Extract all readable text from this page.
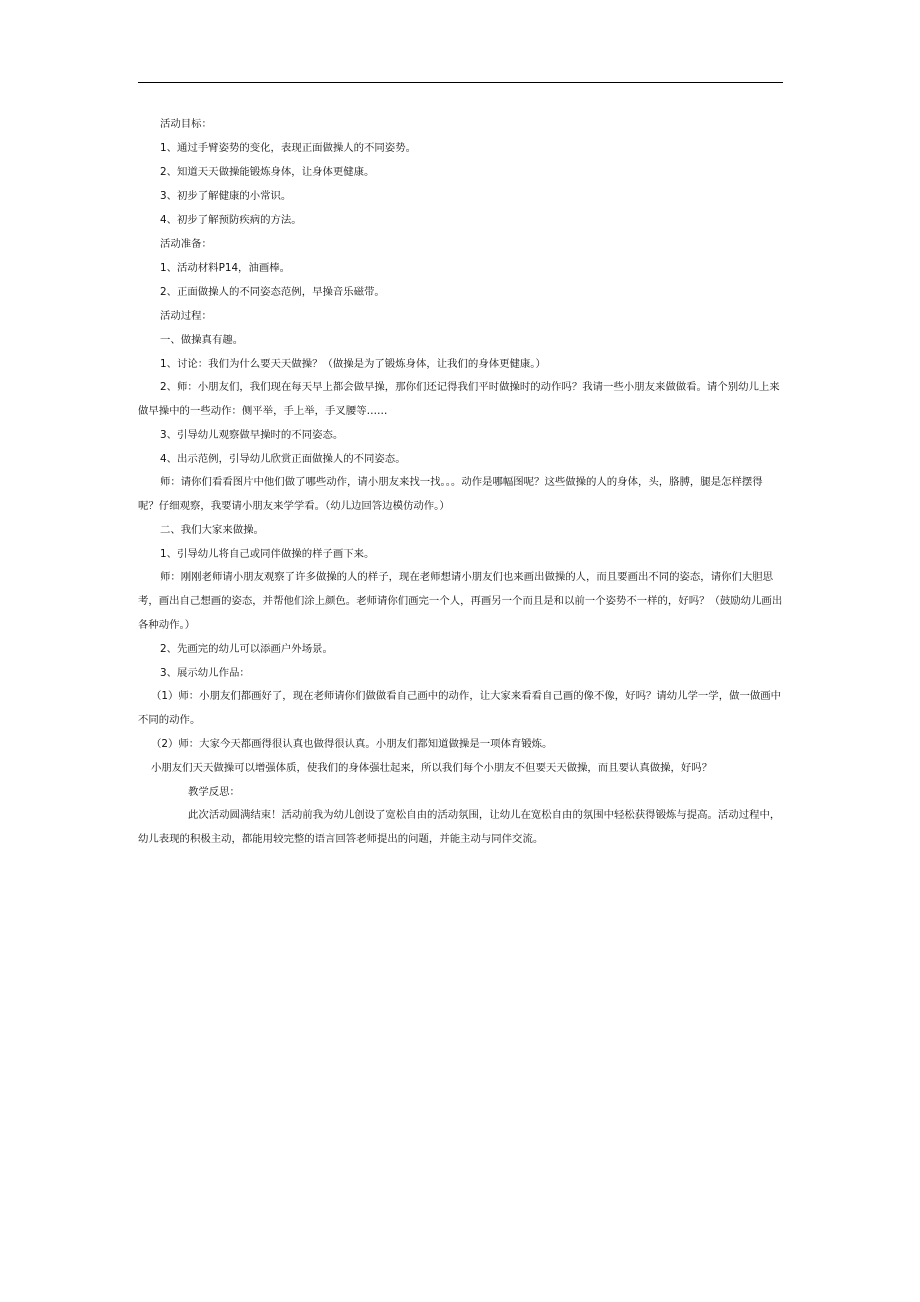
活动目标：

1、通过手臂姿势的变化，表现正面做操人的不同姿势。

2、知道天天做操能锻炼身体，让身体更健康。

3、初步了解健康的小常识。

4、初步了解预防疾病的方法。

活动准备：

1、活动材料P14，油画棒。

2、正面做操人的不同姿态范例，早操音乐磁带。

活动过程：

一、做操真有趣。

1、讨论：我们为什么要天天做操？（做操是为了锻炼身体，让我们的身体更健康。）

2、师：小朋友们，我们现在每天早上都会做早操，那你们还记得我们平时做操时的动作吗？我请一些小朋友来做做看。请个别幼儿上来做早操中的一些动作：侧平举，手上举，手叉腰等……

3、引导幼儿观察做早操时的不同姿态。

4、出示范例，引导幼儿欣赏正面做操人的不同姿态。

师：请你们看看图片中他们做了哪些动作，请小朋友来找一找。。。动作是哪幅图呢？这些做操的人的身体，头，胳膊，腿是怎样摆得呢？仔细观察，我要请小朋友来学学看。（幼儿边回答边模仿动作。）

二、我们大家来做操。

1、引导幼儿将自己或同伴做操的样子画下来。

师：刚刚老师请小朋友观察了许多做操的人的样子，现在老师想请小朋友们也来画出做操的人，而且要画出不同的姿态，请你们大胆思考，画出自己想画的姿态，并帮他们涂上颜色。老师请你们画完一个人，再画另一个而且是和以前一个姿势不一样的，好吗？（鼓励幼儿画出各种动作。）

2、先画完的幼儿可以添画户外场景。

3、展示幼儿作品：

（1）师：小朋友们都画好了，现在老师请你们做做看自己画中的动作，让大家来看看自己画的像不像，好吗？请幼儿学一学，做一做画中不同的动作。

（2）师：大家今天都画得很认真也做得很认真。小朋友们都知道做操是一项体育锻炼。

小朋友们天天做操可以增强体质，使我们的身体强壮起来，所以我们每个小朋友不但要天天做操，而且要认真做操，好吗？

教学反思：

此次活动圆满结束！活动前我为幼儿创设了宽松自由的活动氛围，让幼儿在宽松自由的氛围中轻松获得锻炼与提高。活动过程中，幼儿表现的积极主动，都能用较完整的语言回答老师提出的问题，并能主动与同伴交流。
